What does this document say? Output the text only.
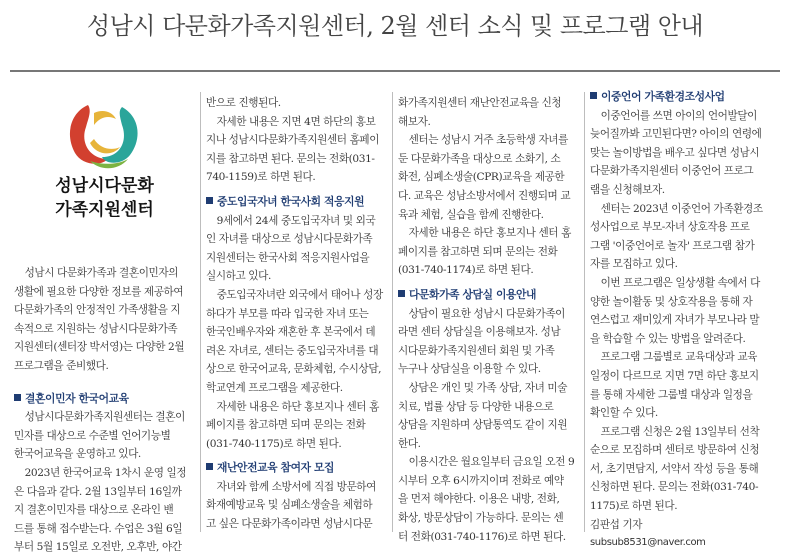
성남시 다문화가족지원센터, 2월 센터 소식 및 프로그램 안내
성남시다문화
가족지원센터

성남시 다문화가족과 결혼이민자의

생활에 필요한 다양한 정보를 제공하여

다문화가족의 안정적인 가족생활을 지

속적으로 지원하는 성남시다문화가족

지원센터(센터장 박서영)는 다양한 2월

프로그램을 준비했다.

결혼이민자 한국어교육

성남시다문화가족지원센터는 결혼이

민자를 대상으로 수준별 언어기능별

한국어교육을 운영하고 있다.

2023년 한국어교육 1차시 운영 일정

은 다음과 같다. 2월 13일부터 16일까

지 결혼이민자를 대상으로 온라인 밴

드를 통해 접수받는다. 수업은 3월 6일

부터 5월 15일로 오전반, 오후반, 야간

반으로 진행된다.

자세한 내용은 지면 4면 하단의 홍보

지나 성남시다문화가족지원센터 홈페이

지를 참고하면 된다. 문의는 전화(031-

740-1159)로 하면 된다.

중도입국자녀 한국사회 적응지원

9세에서 24세 중도입국자녀 및 외국

인 자녀를 대상으로 성남시다문화가족

지원센터는 한국사회 적응지원사업을

실시하고 있다.

중도입국자녀란 외국에서 태어나 성장

하다가 부모를 따라 입국한 자녀 또는

한국인배우자와 재혼한 후 본국에서 데

려온 자녀로, 센터는 중도입국자녀를 대

상으로 한국어교육, 문화체험, 수시상담,

학교연계 프로그램을 제공한다.

자세한 내용은 하단 홍보지나 센터 홈

페이지를 참고하면 되며 문의는 전화

(031-740-1175)로 하면 된다.

재난안전교육 참여자 모집

자녀와 함께 소방서에 직접 방문하여

화재예방교육 및 심폐소생술을 체험하

고 싶은 다문화가족이라면 성남시다문

화가족지원센터 재난안전교육을 신청

해보자.

센터는 성남시 거주 초등학생 자녀를

둔 다문화가족을 대상으로 소화기, 소

화전, 심폐소생술(CPR)교육을 제공한

다. 교육은 성남소방서에서 진행되며 교

육과 체험, 실습을 함께 진행한다.

자세한 내용은 하단 홍보지나 센터 홈

페이지를 참고하면 되며 문의는 전화

(031-740-1174)로 하면 된다.

다문화가족 상담실 이용안내

상담이 필요한 성남시 다문화가족이

라면 센터 상담실을 이용해보자. 성남

시다문화가족지원센터 회원 및 가족

누구나 상담실을 이용할 수 있다.

상담은 개인 및 가족 상담, 자녀 미술

치료, 법률 상담 등 다양한 내용으로

상담을 지원하며 상담통역도 같이 지원

한다.

이용시간은 월요일부터 금요일 오전 9

시부터 오후 6시까지이며 전화로 예약

을 먼저 해야한다. 이용은 내방, 전화,

화상, 방문상담이 가능하다. 문의는 센

터 전화(031-740-1176)로 하면 된다.

이중언어 가족환경조성사업

이중언어를 쓰면 아이의 언어발달이

늦어질까봐 고민된다면? 아이의 연령에

맞는 놀이방법을 배우고 싶다면 성남시

다문화가족지원센터 이중언어 프로그

램을 신청해보자.

센터는 2023년 이중언어 가족환경조

성사업으로 부모-자녀 상호작용 프로

그램 '이중언어로 놀자' 프로그램 참가

자를 모집하고 있다.

이번 프로그램은 일상생활 속에서 다

양한 놀이활동 및 상호작용을 통해 자

연스럽고 재미있게 자녀가 부모나라 말

을 학습할 수 있는 방법을 알려준다.

프로그램 그룹별로 교육대상과 교육

일정이 다르므로 지면 7면 하단 홍보지

를 통해 자세한 그룹별 대상과 일정을

확인할 수 있다.

프로그램 신청은 2월 13일부터 선착

순으로 모집하며 센터로 방문하여 신청

서, 초기면담지, 서약서 작성 등을 통해

신청하면 된다. 문의는 전화(031-740-

1175)로 하면 된다.

김판섭 기자

subsub8531@naver.com
